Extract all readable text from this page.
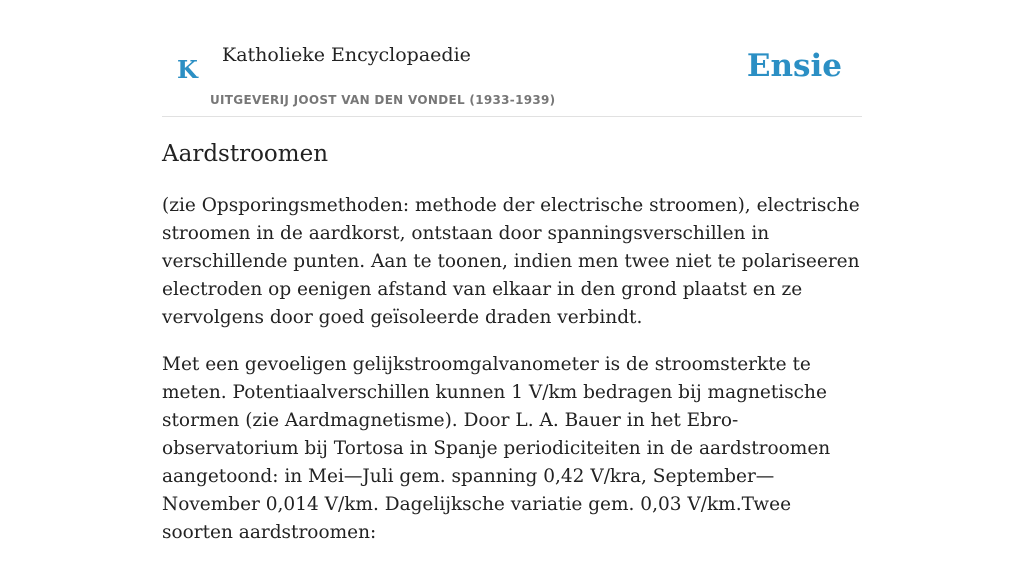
K Katholieke Encyclopaedie
UITGEVERIJ JOOST VAN DEN VONDEL (1933-1939)
Ensie
Aardstroomen

(zie Opsporingsmethoden: methode der electrische stroomen), electrische stroomen in de aardkorst, ontstaan door spanningsverschillen in verschillende punten. Aan te toonen, indien men twee niet te polariseeren electroden op eenigen afstand van elkaar in den grond plaatst en ze vervolgens door goed geïsoleerde draden verbindt.

Met een gevoeligen gelijkstroomgalvanometer is de stroomsterkte te meten. Potentiaalverschillen kunnen 1 V/km bedragen bij magnetische stormen (zie Aardmagnetisme). Door L. A. Bauer in het Ebro-observatorium bij Tortosa in Spanje periodiciteiten in de aardstroomen aangetoond: in Mei—Juli gem. spanning 0,42 V/kra, September—November 0,014 V/km. Dagelijksche variatie gem. 0,03 V/km.Twee soorten aardstroomen:
